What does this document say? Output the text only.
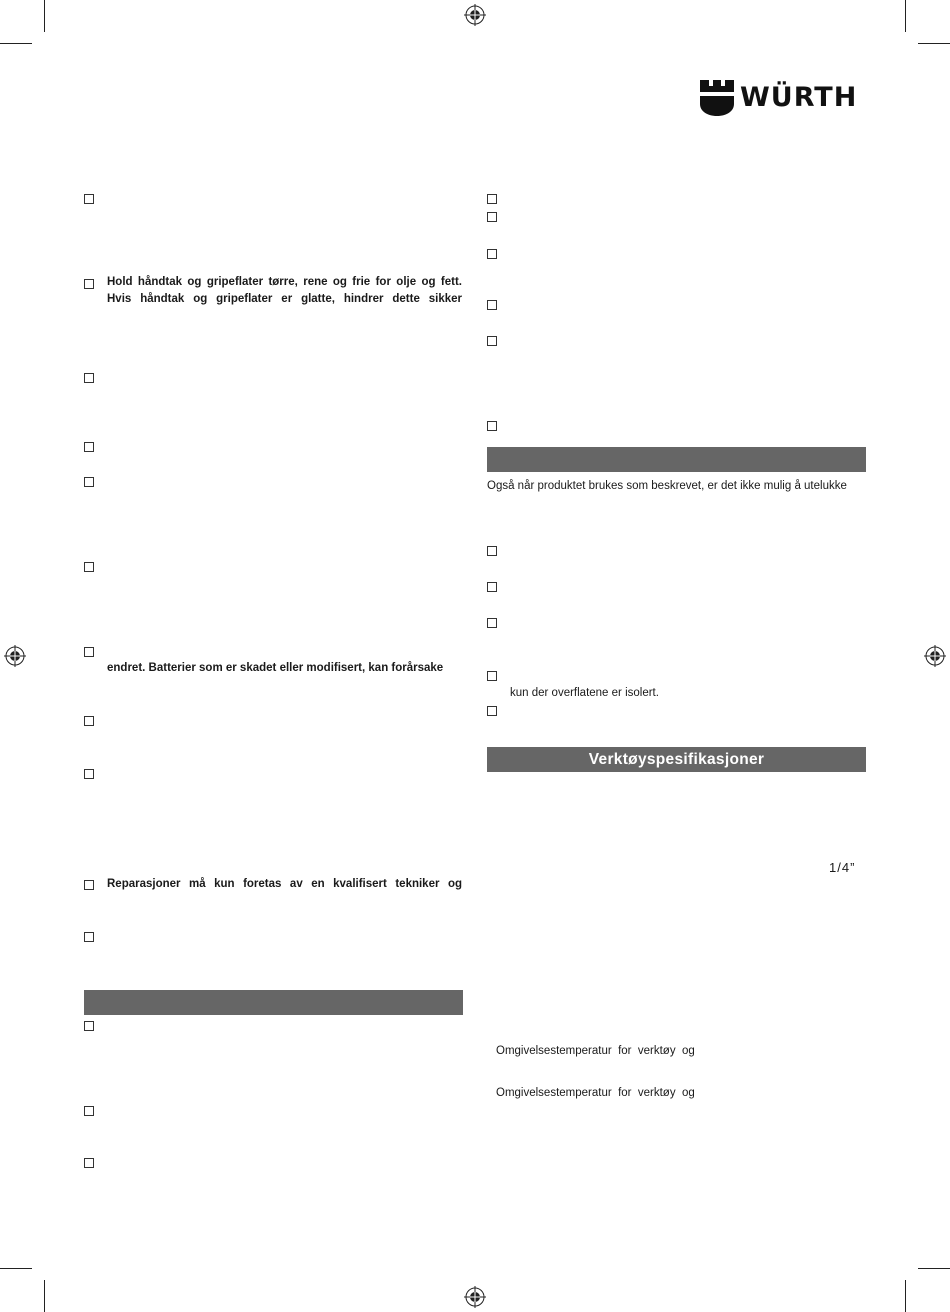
WÜRTH
Hold håndtak og gripeflater tørre, rene og frie for olje og fett.
Hvis håndtak og gripeflater er glatte, hindrer dette sikker
endret. Batterier som er skadet eller modifisert, kan forårsake
Reparasjoner må kun foretas av en kvalifisert tekniker og
Også når produktet brukes som beskrevet, er det ikke mulig å utelukke
kun der overflatene er isolert.
Verktøyspesifikasjoner
1/4”
Omgivelsestemperatur  for  verktøy  og
Omgivelsestemperatur  for  verktøy  og
